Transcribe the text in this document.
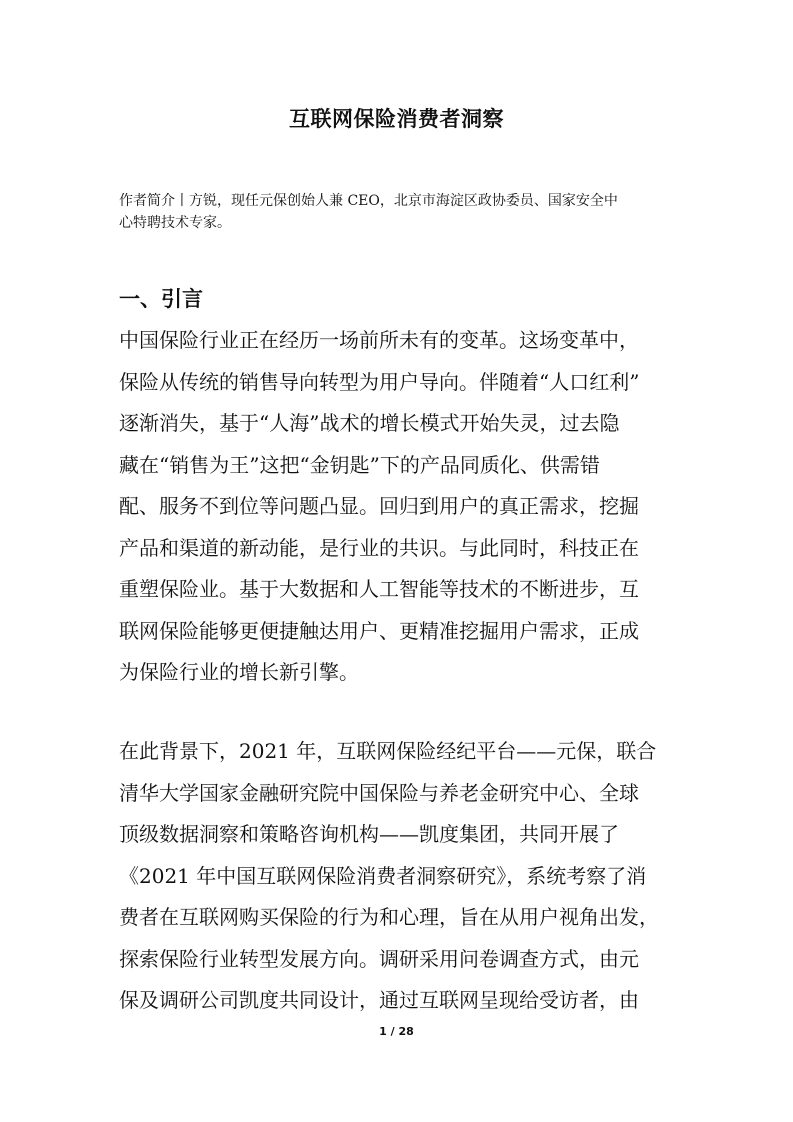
互联网保险消费者洞察

作者简介丨方锐，现任元保创始人兼 CEO，北京市海淀区政协委员、国家安全中
心特聘技术专家。

一、引言

中国保险行业正在经历一场前所未有的变革。这场变革中，
保险从传统的销售导向转型为用户导向。伴随着“人口红利”
逐渐消失，基于“人海”战术的增长模式开始失灵，过去隐
藏在“销售为王”这把“金钥匙”下的产品同质化、供需错
配、服务不到位等问题凸显。回归到用户的真正需求，挖掘
产品和渠道的新动能，是行业的共识。与此同时，科技正在
重塑保险业。基于大数据和人工智能等技术的不断进步，互
联网保险能够更便捷触达用户、更精准挖掘用户需求，正成
为保险行业的增长新引擎。

在此背景下，2021 年，互联网保险经纪平台——元保，联合
清华大学国家金融研究院中国保险与养老金研究中心、全球
顶级数据洞察和策略咨询机构——凯度集团，共同开展了
《2021 年中国互联网保险消费者洞察研究》，系统考察了消
费者在互联网购买保险的行为和心理，旨在从用户视角出发，
探索保险行业转型发展方向。调研采用问卷调查方式，由元
保及调研公司凯度共同设计，通过互联网呈现给受访者，由

1 / 28
